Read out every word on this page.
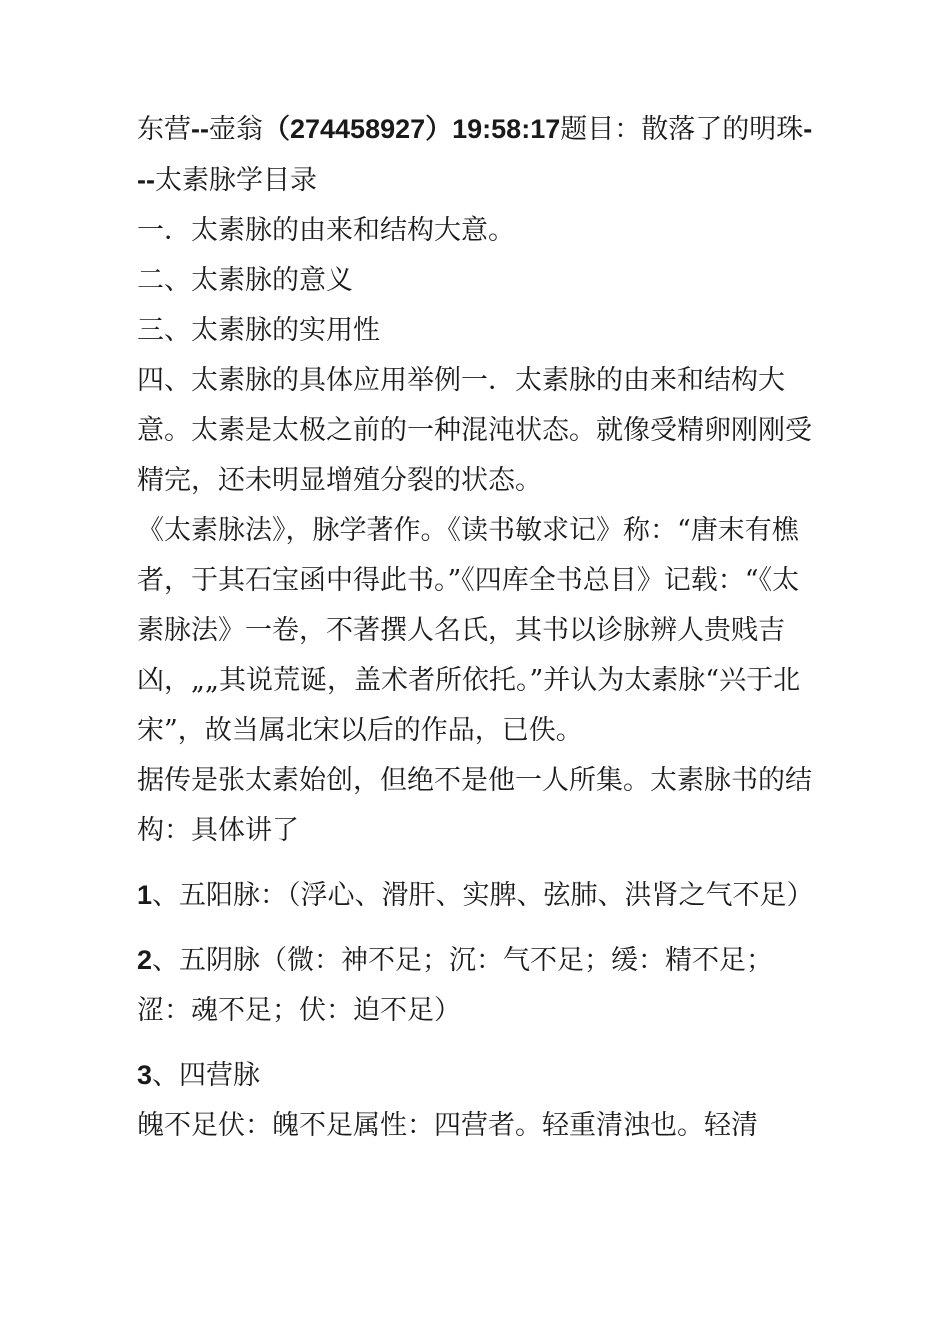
东营--壶翁（274458927）19:58:17题目：散落了的明珠---太素脉学目录

一．太素脉的由来和结构大意。

二、太素脉的意义

三、太素脉的实用性

四、太素脉的具体应用举例一．太素脉的由来和结构大意。太素是太极之前的一种混沌状态。就像受精卵刚刚受精完，还未明显增殖分裂的状态。

《太素脉法》，脉学著作。《读书敏求记》称：“唐末有樵者，于其石宝函中得此书。”《四库全书总目》记载：“《太素脉法》一卷，不著撰人名氏，其书以诊脉辨人贵贱吉凶，„„其说荒诞，盖术者所依托。”并认为太素脉“兴于北宋”，故当属北宋以后的作品，已佚。

据传是张太素始创，但绝不是他一人所集。太素脉书的结构：具体讲了

1、五阳脉：（浮心、滑肝、实脾、弦肺、洪肾之气不足）

2、五阴脉（微：神不足；沉：气不足；缓：精不足；涩：魂不足；伏：迫不足）

3、四营脉

魄不足伏：魄不足属性：四营者。轻重清浊也。轻清
